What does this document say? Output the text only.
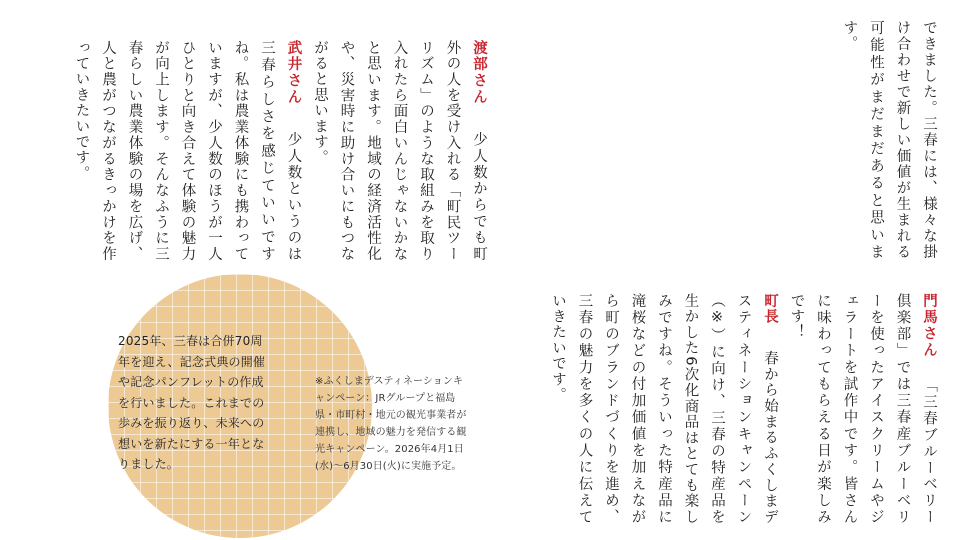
できました。三春には、様々な掛け合わせで新しい価値が生まれる可能性がまだまだあると思います。
渡部さん　少人数からでも町外の人を受け入れる「町民ツーリズム」のような取組みを取り入れたら面白いんじゃないかなと思います。地域の経済活性化や、災害時に助け合いにもつながると思います。
武井さん　少人数というのは三春らしさを感じていいですね。私は農業体験にも携わっていますが、少人数のほうが一人ひとりと向き合えて体験の魅力が向上します。そんなふうに三春らしい農業体験の場を広げ、人と農がつながるきっかけを作っていきたいです。
門馬さん　「三春ブルーベリー倶楽部」では三春産ブルーベリーを使ったアイスクリームやジェラートを試作中です。皆さんに味わってもらえる日が楽しみです！
町長　春から始まるふくしまデスティネーションキャンペーン（※）に向け、三春の特産品を生かした6次化商品はとても楽しみですね。そういった特産品に滝桜などの付加価値を加えながら町のブランドづくりを進め、三春の魅力を多くの人に伝えていきたいです。
2025年、三春は合併70周年を迎え、記念式典の開催や記念パンフレットの作成を行いました。これまでの歩みを振り返り、未来への想いを新たにする一年となりました。
※ふくしまデスティネーションキャンペーン：JRグループと福島県・市町村・地元の観光事業者が連携し、地域の魅力を発信する観光キャンペーン。2026年4月1日(水)～6月30日(火)に実施予定。
